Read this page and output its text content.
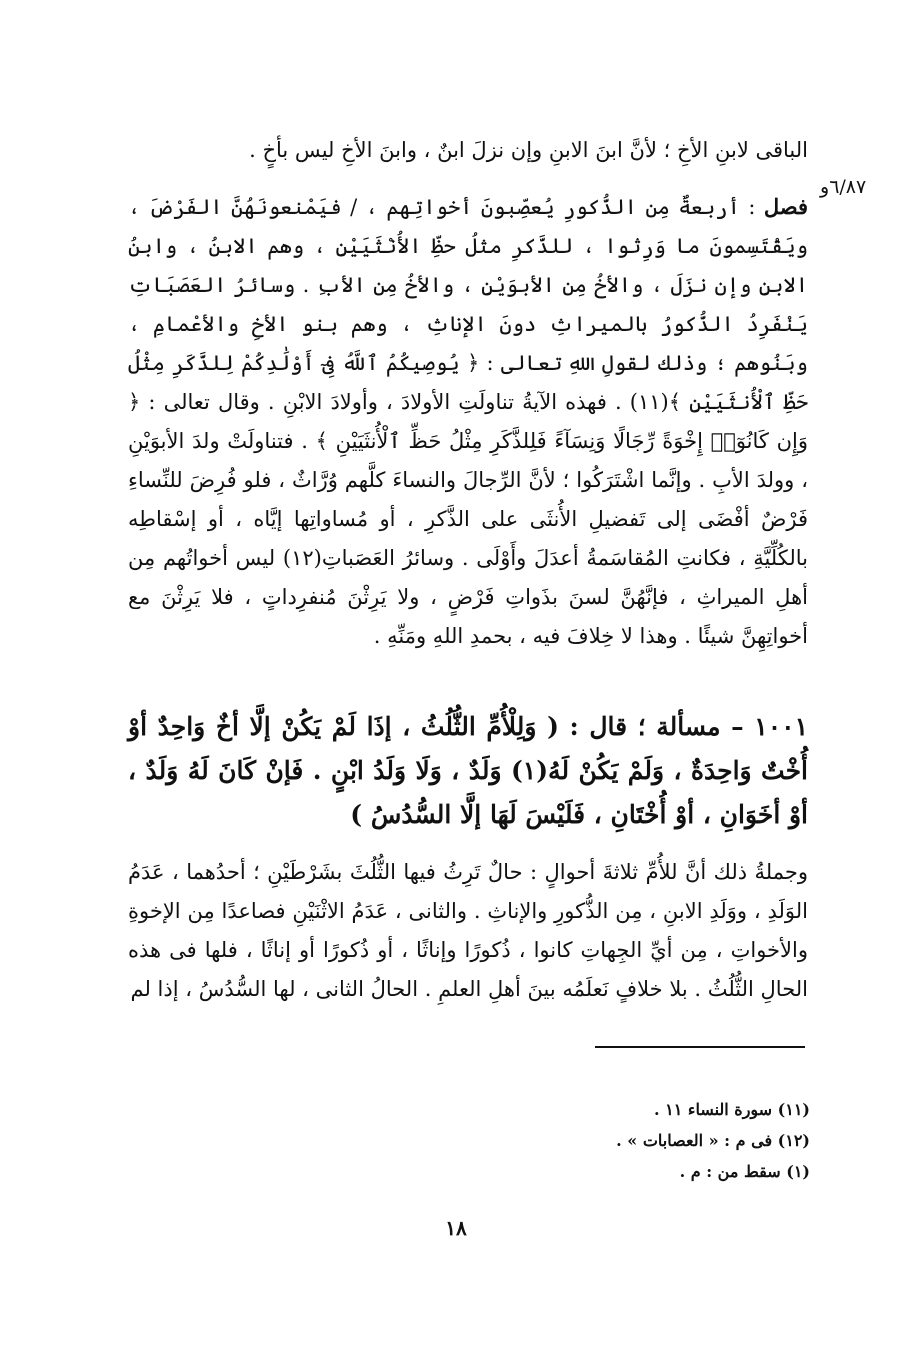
٦/٨٧و

الباقى لابنِ الأخِ ؛ لأنَّ ابنَ الابنِ وإن نزلَ ابنٌ ، وابنَ الأخِ ليس بأخٍ .

فصل : أربعةٌ مِن الذُّكورِ يُعصِّبونَ أخواتِهم ، / فيَمْنعونَهُنَّ الفَرْضَ ، ويَقْتَسِمونَ ما وَرِثوا ، للذَّكرِ مثلُ حظِّ الأُنْثَيَيْنِ ، وهم الابنُ ، وابنُ الابنِ وإن نزَلَ ، والأخُ مِن الأبوَيْنِ ، والأخُ مِن الأبِ . وسائرُ العَصَبَاتِ يَنْفَرِدُ الذُّكورُ بالميراثِ دونَ الإناثِ ، وهم بنو الأخِ والأعْمامِ ، وبَنُوهم ؛ وذلك لقولِ اللهِ تعالى : ﴿ يُوصِيكُمُ ٱللَّهُ فِىٓ أَوْلَٰدِكُمْ لِلذَّكَرِ مِثْلُ حَظِّ ٱلْأُنثَيَيْنِ ﴾(١١) . فهذه الآيةُ تناولَتِ الأولادَ ، وأولادَ الابْنِ . وقال تعالى : ﴿ وَإِن كَانُوٓا۟ إِخْوَةً رِّجَالًا وَنِسَآءً فَلِلذَّكَرِ مِثْلُ حَظِّ ٱلْأُنثَيَيْنِ ﴾ . فتناولَتْ ولدَ الأبوَيْنِ ، وولدَ الأبِ . وإنَّما اشْتَرَكُوا ؛ لأنَّ الرِّجالَ والنساءَ كلَّهم وُرَّاثٌ ، فلو فُرِضَ للنِّساءِ فَرْضٌ أفْضَى إلى تَفضيلِ الأُنثَى على الذَّكرِ ، أو مُساواتِها إيَّاه ، أو إسْقاطِه بالكُلِّيَّةِ ، فكانتِ المُقاسَمةُ أعدَلَ وأَوْلَى . وسائرُ العَصَباتِ(١٢) ليس أخواتُهم مِن أهلِ الميراثِ ، فإنَّهُنَّ لسنَ بذَواتِ فَرْضٍ ، ولا يَرِثْنَ مُنفرِداتٍ ، فلا يَرِثْنَ مع أخواتِهِنَّ شيئًا . وهذا لا خِلافَ فيه ، بحمدِ اللهِ ومَنِّهِ .

١٠٠١ – مسألة ؛ قال : ( وَلِلْأُمِّ الثُّلُثُ ، إذَا لَمْ يَكُنْ إلَّا أخٌ وَاحِدٌ أوْ أُخْتٌ وَاحِدَةٌ ، وَلَمْ يَكُنْ لَهُ(١) وَلَدٌ ، وَلَا وَلَدُ ابْنٍ . فَإنْ كَانَ لَهُ وَلَدٌ ، أوْ أخَوَانِ ، أوْ أُخْتَانِ ، فَلَيْسَ لَهَا إلَّا السُّدُسُ )

وجملةُ ذلك أنَّ للأُمِّ ثلاثةَ أحوالٍ : حالٌ تَرِثُ فيها الثُّلُثَ بشَرْطَيْنِ ؛ أحدُهما ، عَدَمُ الوَلَدِ ، ووَلَدِ الابنِ ، مِن الذُّكورِ والإناثِ . والثانى ، عَدَمُ الاثْنَيْنِ فصاعدًا مِن الإخوةِ والأخواتِ ، مِن أيِّ الجِهاتِ كانوا ، ذُكورًا وإناثًا ، أو ذُكورًا أو إناثًا ، فلها فى هذه الحالِ الثُّلُثُ . بلا خلافٍ نَعلَمُه بينَ أهلِ العلمِ . الحالُ الثانى ، لها السُّدُسُ ، إذا لم

(١١) سورة النساء ١١ .
(١٢) فى م : « العصابات » .
(١) سقط من : م .
١٨
